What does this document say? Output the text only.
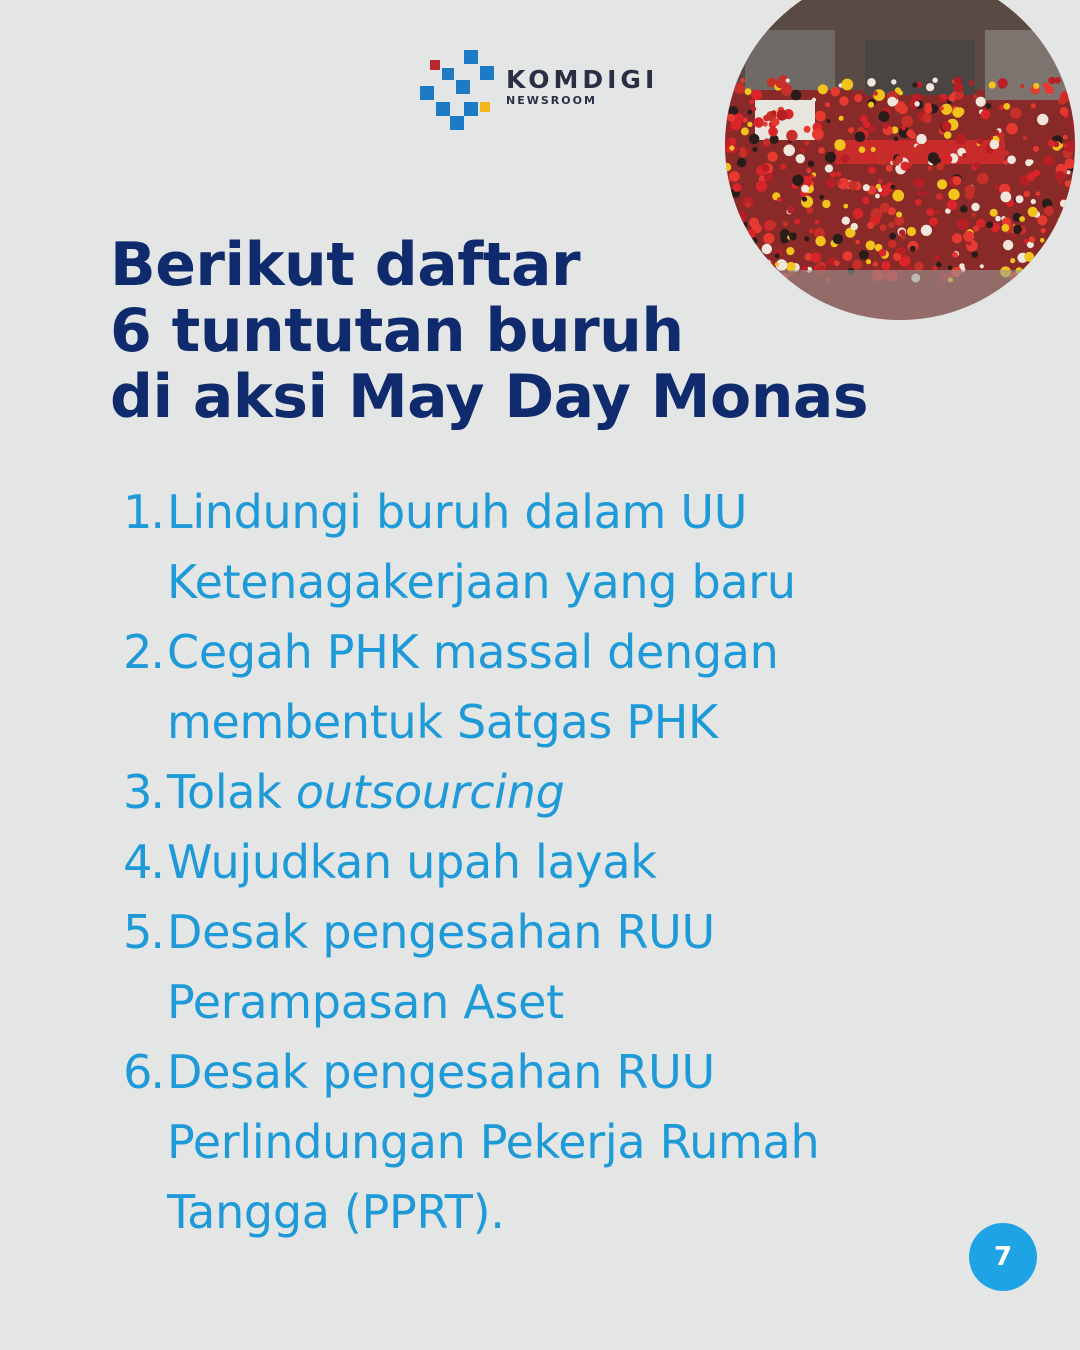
KOMDIGI
NEWSROOM
Berikut daftar
6 tuntutan buruh
di aksi May Day Monas
1. Lindungi buruh dalam UU
Ketenagakerjaan yang baru
2. Cegah PHK massal dengan
membentuk Satgas PHK
3. Tolak outsourcing
4. Wujudkan upah layak
5. Desak pengesahan RUU
Perampasan Aset
6. Desak pengesahan RUU
Perlindungan Pekerja Rumah
Tangga (PPRT).
7
